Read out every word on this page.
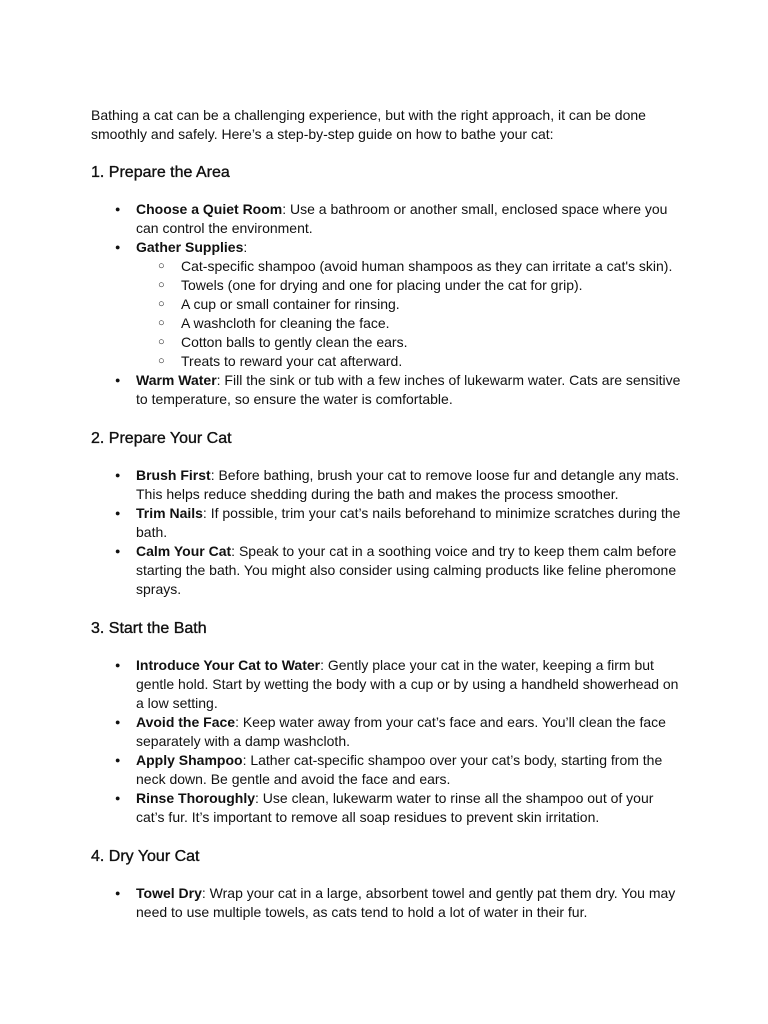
Bathing a cat can be a challenging experience, but with the right approach, it can be done smoothly and safely. Here’s a step-by-step guide on how to bathe your cat:

1. Prepare the Area
● Choose a Quiet Room: Use a bathroom or another small, enclosed space where you can control the environment.
● Gather Supplies:
○ Cat-specific shampoo (avoid human shampoos as they can irritate a cat's skin).
○ Towels (one for drying and one for placing under the cat for grip).
○ A cup or small container for rinsing.
○ A washcloth for cleaning the face.
○ Cotton balls to gently clean the ears.
○ Treats to reward your cat afterward.
● Warm Water: Fill the sink or tub with a few inches of lukewarm water. Cats are sensitive to temperature, so ensure the water is comfortable.
2. Prepare Your Cat
● Brush First: Before bathing, brush your cat to remove loose fur and detangle any mats. This helps reduce shedding during the bath and makes the process smoother.
● Trim Nails: If possible, trim your cat’s nails beforehand to minimize scratches during the bath.
● Calm Your Cat: Speak to your cat in a soothing voice and try to keep them calm before starting the bath. You might also consider using calming products like feline pheromone sprays.
3. Start the Bath
● Introduce Your Cat to Water: Gently place your cat in the water, keeping a firm but gentle hold. Start by wetting the body with a cup or by using a handheld showerhead on a low setting.
● Avoid the Face: Keep water away from your cat’s face and ears. You’ll clean the face separately with a damp washcloth.
● Apply Shampoo: Lather cat-specific shampoo over your cat’s body, starting from the neck down. Be gentle and avoid the face and ears.
● Rinse Thoroughly: Use clean, lukewarm water to rinse all the shampoo out of your cat’s fur. It’s important to remove all soap residues to prevent skin irritation.
4. Dry Your Cat
● Towel Dry: Wrap your cat in a large, absorbent towel and gently pat them dry. You may need to use multiple towels, as cats tend to hold a lot of water in their fur.
